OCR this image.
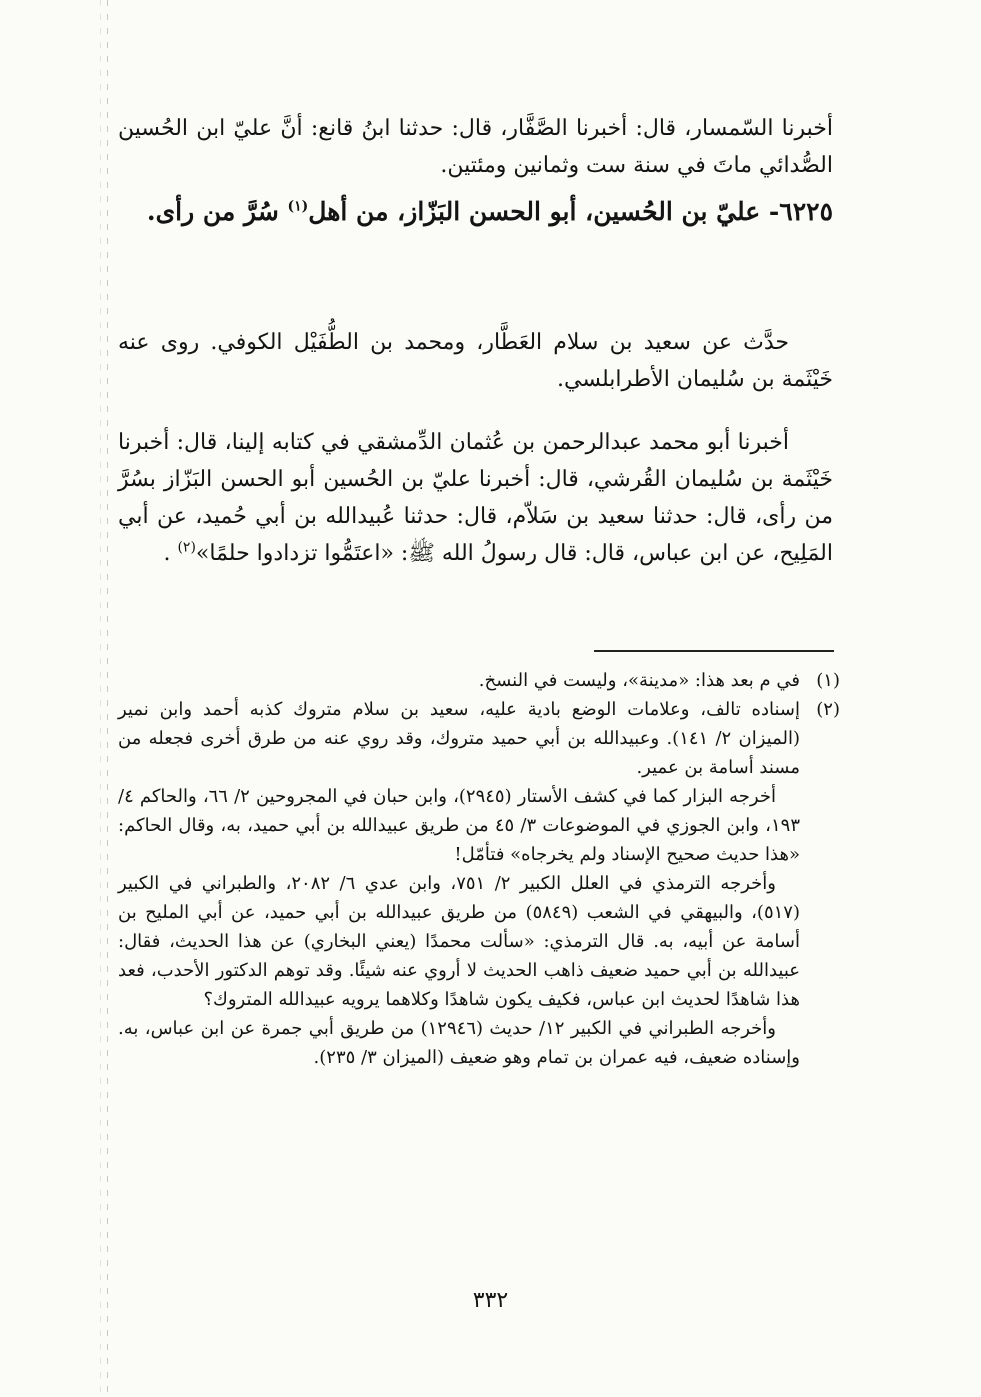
أخبرنا السّمسار، قال: أخبرنا الصَّفَّار، قال: حدثنا ابنُ قانع: أنَّ عليّ ابن الحُسين الصُّدائي ماتَ في سنة ست وثمانين ومئتين.

٦٢٢٥- عليّ بن الحُسين، أبو الحسن البَزّاز، من أهل$^{(١)}$ سُرَّ من رأى.

حدَّث عن سعيد بن سلام العَطَّار، ومحمد بن الطُّفَيْل الكوفي. روى عنه خَيْثَمة بن سُليمان الأطرابلسي.

أخبرنا أبو محمد عبدالرحمن بن عُثمان الدِّمشقي في كتابه إلينا، قال: أخبرنا خَيْثَمة بن سُليمان القُرشي، قال: أخبرنا عليّ بن الحُسين أبو الحسن البَزّاز بسُرَّ من رأى، قال: حدثنا سعيد بن سَلاّم، قال: حدثنا عُبيدالله بن أبي حُميد، عن أبي المَلِيح، عن ابن عباس، قال: قال رسولُ الله ﷺ: «اعتَمُّوا تزدادوا حلمًا»$^{(٢)}$ .

(١)
في م بعد هذا: «مدينة»، وليست في النسخ.
(٢)
إسناده تالف، وعلامات الوضع بادية عليه، سعيد بن سلام متروك كذبه أحمد وابن نمير (الميزان ٢/ ١٤١). وعبيدالله بن أبي حميد متروك، وقد روي عنه من طرق أخرى فجعله من مسند أسامة بن عمير.

أخرجه البزار كما في كشف الأستار (٢٩٤٥)، وابن حبان في المجروحين ٢/ ٦٦، والحاكم ٤/ ١٩٣، وابن الجوزي في الموضوعات ٣/ ٤٥ من طريق عبيدالله بن أبي حميد، به، وقال الحاكم: «هذا حديث صحيح الإسناد ولم يخرجاه» فتأمّل!

وأخرجه الترمذي في العلل الكبير ٢/ ٧٥١، وابن عدي ٦/ ٢٠٨٢، والطبراني في الكبير (٥١٧)، والبيهقي في الشعب (٥٨٤٩) من طريق عبيدالله بن أبي حميد، عن أبي المليح بن أسامة عن أبيه، به. قال الترمذي: «سألت محمدًا (يعني البخاري) عن هذا الحديث، فقال: عبيدالله بن أبي حميد ضعيف ذاهب الحديث لا أروي عنه شيئًا. وقد توهم الدكتور الأحدب، فعد هذا شاهدًا لحديث ابن عباس، فكيف يكون شاهدًا وكلاهما يرويه عبيدالله المتروك؟

وأخرجه الطبراني في الكبير ١٢/ حديث (١٢٩٤٦) من طريق أبي جمرة عن ابن عباس، به. وإسناده ضعيف، فيه عمران بن تمام وهو ضعيف (الميزان ٣/ ٢٣٥).

٣٣٢
